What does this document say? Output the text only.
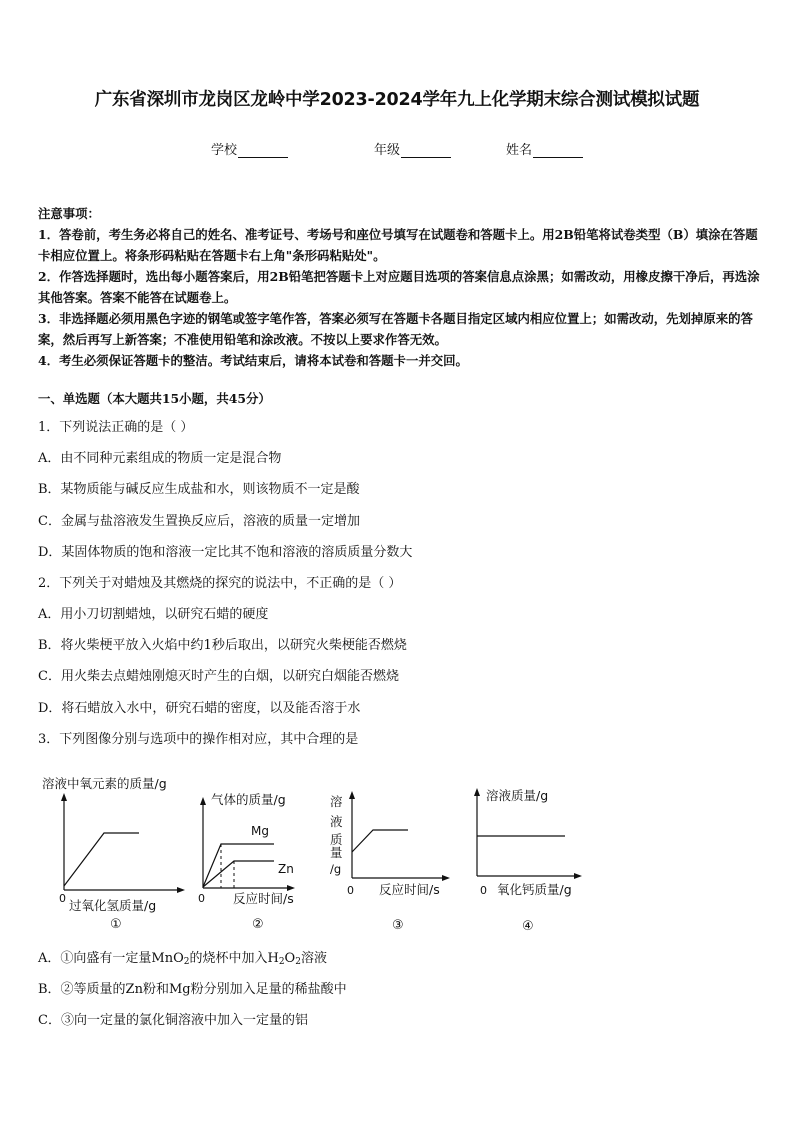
广东省深圳市龙岗区龙岭中学2023-2024学年九上化学期末综合测试模拟试题
学校	年级	姓名

注意事项：

1．答卷前，考生务必将自己的姓名、准考证号、考场号和座位号填写在试题卷和答题卡上。用2B铅笔将试卷类型（B）填涂在答题卡相应位置上。将条形码粘贴在答题卡右上角"条形码粘贴处"。

2．作答选择题时，选出每小题答案后，用2B铅笔把答题卡上对应题目选项的答案信息点涂黑；如需改动，用橡皮擦干净后，再选涂其他答案。答案不能答在试题卷上。

3．非选择题必须用黑色字迹的钢笔或签字笔作答，答案必须写在答题卡各题目指定区域内相应位置上；如需改动，先划掉原来的答案，然后再写上新答案；不准使用铅笔和涂改液。不按以上要求作答无效。

4．考生必须保证答题卡的整洁。考试结束后，请将本试卷和答题卡一并交回。

一、单选题（本大题共15小题，共45分）
1．下列说法正确的是（ ）
A．由不同种元素组成的物质一定是混合物
B．某物质能与碱反应生成盐和水，则该物质不一定是酸
C．金属与盐溶液发生置换反应后，溶液的质量一定增加
D．某固体物质的饱和溶液一定比其不饱和溶液的溶质质量分数大
2．下列关于对蜡烛及其燃烧的探究的说法中，不正确的是（ ）
A．用小刀切割蜡烛，以研究石蜡的硬度
B．将火柴梗平放入火焰中约1秒后取出，以研究火柴梗能否燃烧
C．用火柴去点蜡烛刚熄灭时产生的白烟，以研究白烟能否燃烧
D．将石蜡放入水中，研究石蜡的密度，以及能否溶于水
3．下列图像分别与选项中的操作相对应，其中合理的是
溶液中氧元素的质量/g
0 过氧化氢质量/g
①
气体的质量/g
Mg
Zn
0 反应时间/s
②
溶
液
质
量
/g
0 反应时间/s
③
溶液质量/g
0 氧化钙质量/g
④
A．①向盛有一定量MnO$_2$的烧杯中加入$H_2O_2$溶液
B．②等质量的Zn粉和Mg粉分别加入足量的稀盐酸中
C．③向一定量的氯化铜溶液中加入一定量的铝
